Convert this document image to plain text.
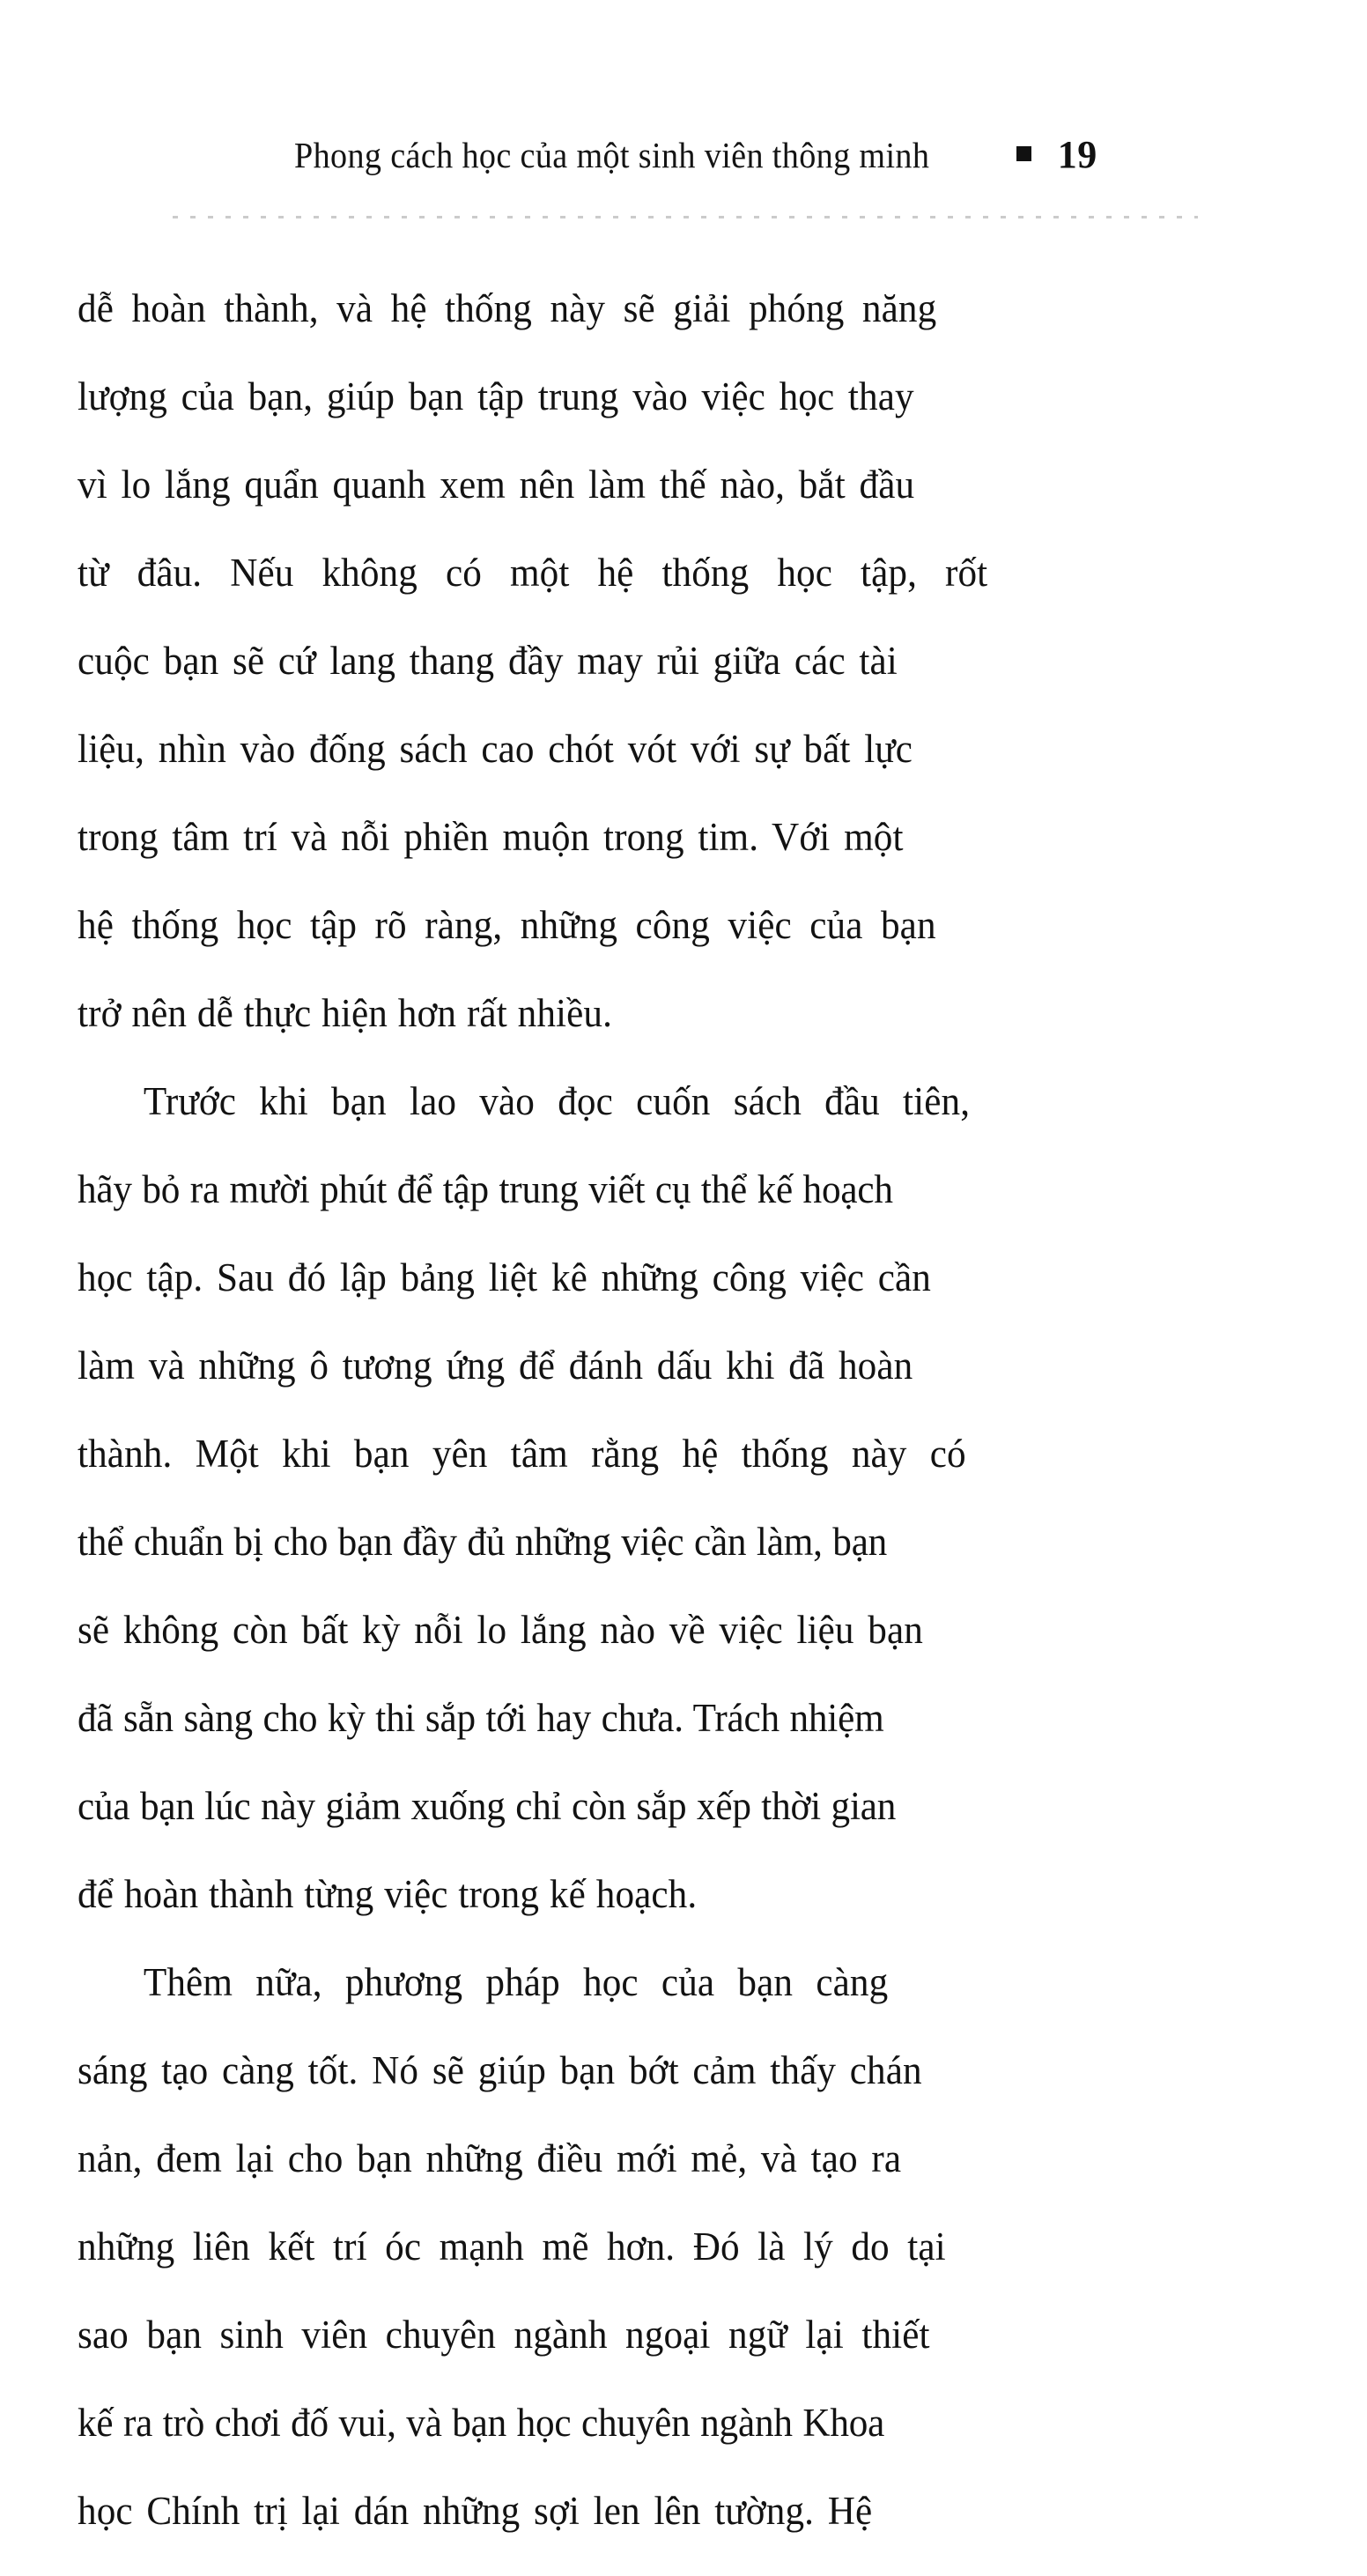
Phong cách học của một sinh viên thông minh	19

dễ hoàn thành, và hệ thống này sẽ giải phóng năng
lượng của bạn, giúp bạn tập trung vào việc học thay
vì lo lắng quẩn quanh xem nên làm thế nào, bắt đầu
từ đâu. Nếu không có một hệ thống học tập, rốt
cuộc bạn sẽ cứ lang thang đầy may rủi giữa các tài
liệu, nhìn vào đống sách cao chót vót với sự bất lực
trong tâm trí và nỗi phiền muộn trong tim. Với một
hệ thống học tập rõ ràng, những công việc của bạn
trở nên dễ thực hiện hơn rất nhiều.

Trước khi bạn lao vào đọc cuốn sách đầu tiên,
hãy bỏ ra mười phút để tập trung viết cụ thể kế hoạch
học tập. Sau đó lập bảng liệt kê những công việc cần
làm và những ô tương ứng để đánh dấu khi đã hoàn
thành. Một khi bạn yên tâm rằng hệ thống này có
thể chuẩn bị cho bạn đầy đủ những việc cần làm, bạn
sẽ không còn bất kỳ nỗi lo lắng nào về việc liệu bạn
đã sẵn sàng cho kỳ thi sắp tới hay chưa. Trách nhiệm
của bạn lúc này giảm xuống chỉ còn sắp xếp thời gian
để hoàn thành từng việc trong kế hoạch.

Thêm nữa, phương pháp học của bạn càng
sáng tạo càng tốt. Nó sẽ giúp bạn bớt cảm thấy chán
nản, đem lại cho bạn những điều mới mẻ, và tạo ra
những liên kết trí óc mạnh mẽ hơn. Đó là lý do tại
sao bạn sinh viên chuyên ngành ngoại ngữ lại thiết
kế ra trò chơi đố vui, và bạn học chuyên ngành Khoa
học Chính trị lại dán những sợi len lên tường. Hệ
